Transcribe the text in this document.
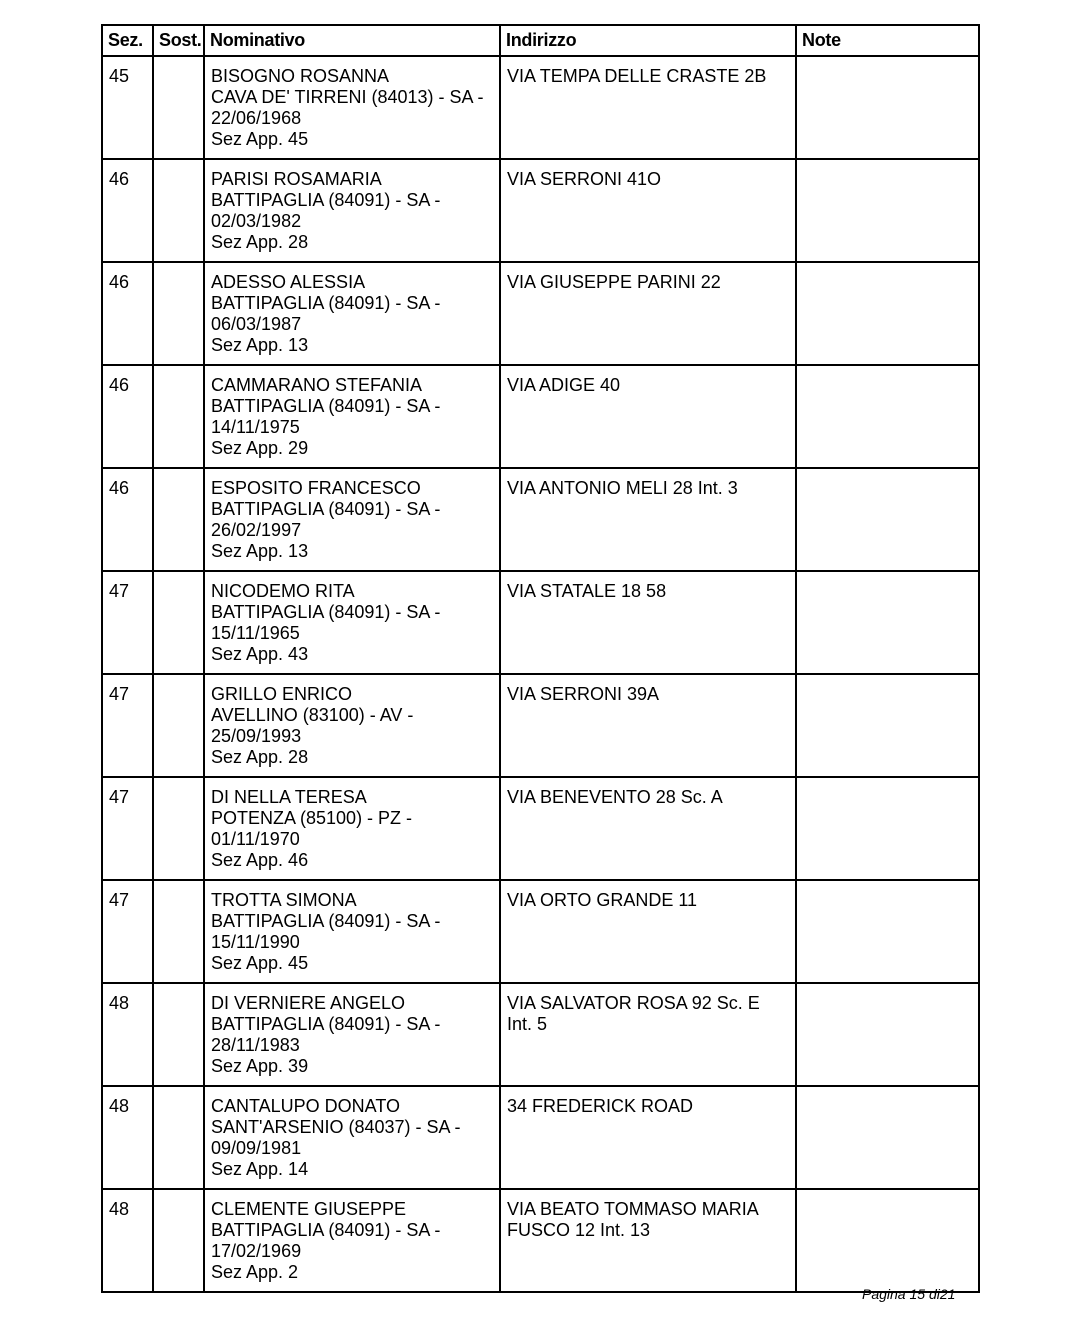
Sez.	Sost.	Nominativo	Indirizzo	Note
45		BISOGNO ROSANNA
CAVA DE' TIRRENI (84013) - SA -
22/06/1968
Sez App. 45	VIA TEMPA DELLE CRASTE 2B	

46		PARISI ROSAMARIA
BATTIPAGLIA (84091) - SA -
02/03/1982
Sez App. 28	VIA SERRONI 41O	

46		ADESSO ALESSIA
BATTIPAGLIA (84091) - SA -
06/03/1987
Sez App. 13	VIA GIUSEPPE PARINI 22	

46		CAMMARANO STEFANIA
BATTIPAGLIA (84091) - SA -
14/11/1975
Sez App. 29	VIA ADIGE 40	

46		ESPOSITO FRANCESCO
BATTIPAGLIA (84091) - SA -
26/02/1997
Sez App. 13	VIA ANTONIO MELI 28 Int. 3	

47		NICODEMO RITA
BATTIPAGLIA (84091) - SA -
15/11/1965
Sez App. 43	VIA STATALE 18 58	

47		GRILLO ENRICO
AVELLINO (83100) - AV -
25/09/1993
Sez App. 28	VIA SERRONI 39A	

47		DI NELLA TERESA
POTENZA (85100) - PZ -
01/11/1970
Sez App. 46	VIA BENEVENTO 28 Sc. A	

47		TROTTA SIMONA
BATTIPAGLIA (84091) - SA -
15/11/1990
Sez App. 45	VIA ORTO GRANDE 11	

48		DI VERNIERE ANGELO
BATTIPAGLIA (84091) - SA -
28/11/1983
Sez App. 39	VIA SALVATOR ROSA 92 Sc. E
Int. 5	

48		CANTALUPO DONATO
SANT'ARSENIO (84037) - SA -
09/09/1981
Sez App. 14	34 FREDERICK ROAD	

48		CLEMENTE GIUSEPPE
BATTIPAGLIA (84091) - SA -
17/02/1969
Sez App. 2	VIA BEATO TOMMASO MARIA
FUSCO 12 Int. 13	

Pagina 15 di21
